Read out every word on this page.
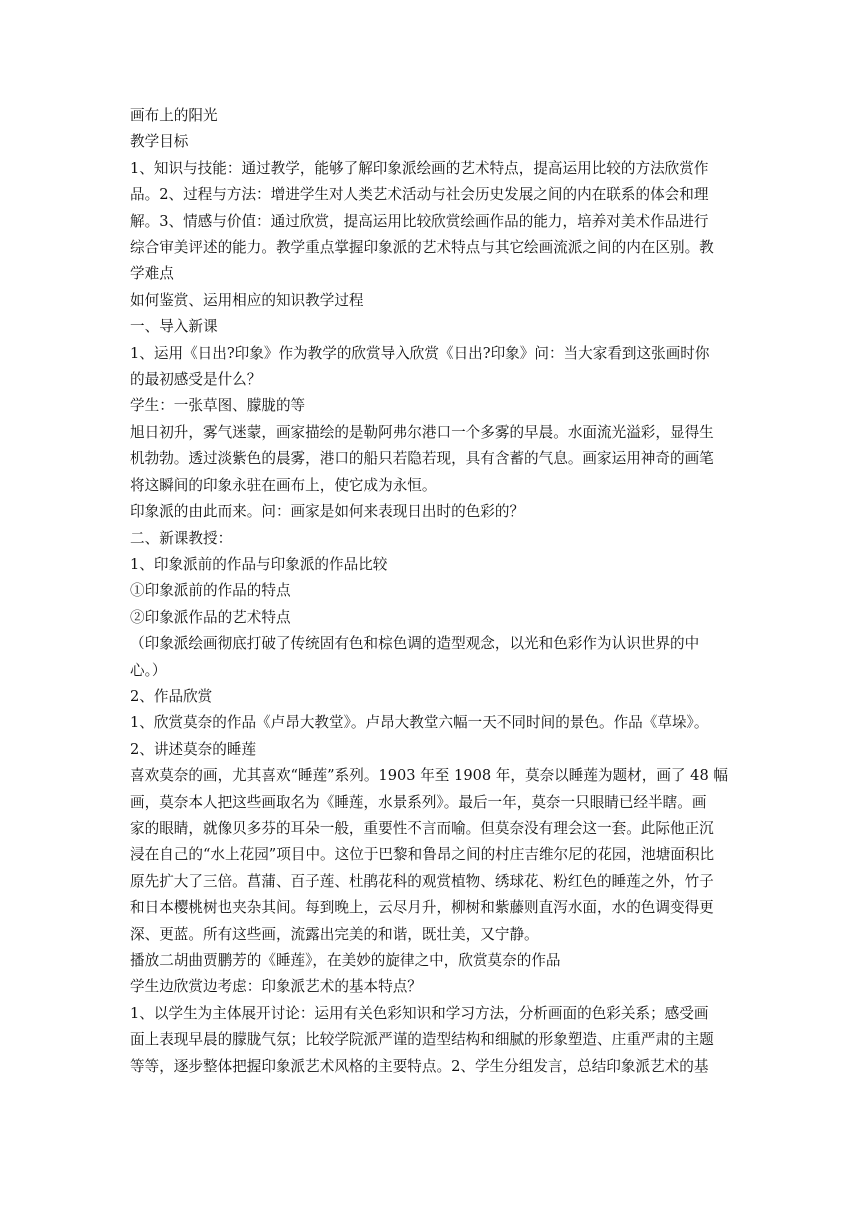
画布上的阳光
教学目标
1、知识与技能：通过教学，能够了解印象派绘画的艺术特点，提高运用比较的方法欣赏作
品。2、过程与方法：增进学生对人类艺术活动与社会历史发展之间的内在联系的体会和理
解。3、情感与价值：通过欣赏，提高运用比较欣赏绘画作品的能力，培养对美术作品进行
综合审美评述的能力。教学重点掌握印象派的艺术特点与其它绘画流派之间的内在区别。教
学难点
如何鉴赏、运用相应的知识教学过程
一、导入新课
1、运用《日出?印象》作为教学的欣赏导入欣赏《日出?印象》问：当大家看到这张画时你
的最初感受是什么？
学生：一张草图、朦胧的等
旭日初升，雾气迷蒙，画家描绘的是勒阿弗尔港口一个多雾的早晨。水面流光溢彩，显得生
机勃勃。透过淡紫色的晨雾，港口的船只若隐若现，具有含蓄的气息。画家运用神奇的画笔
将这瞬间的印象永驻在画布上，使它成为永恒。
印象派的由此而来。问：画家是如何来表现日出时的色彩的？
二、新课教授：
1、印象派前的作品与印象派的作品比较
①印象派前的作品的特点
②印象派作品的艺术特点
（印象派绘画彻底打破了传统固有色和棕色调的造型观念，以光和色彩作为认识世界的中
心。）
2、作品欣赏
1、欣赏莫奈的作品《卢昂大教堂》。卢昂大教堂六幅一天不同时间的景色。作品《草垛》。
2、讲述莫奈的睡莲
喜欢莫奈的画，尤其喜欢“睡莲”系列。1903 年至 1908 年，莫奈以睡莲为题材，画了 48 幅
画，莫奈本人把这些画取名为《睡莲，水景系列》。最后一年，莫奈一只眼睛已经半瞎。画
家的眼睛，就像贝多芬的耳朵一般，重要性不言而喻。但莫奈没有理会这一套。此际他正沉
浸在自己的“水上花园”项目中。这位于巴黎和鲁昂之间的村庄吉维尔尼的花园，池塘面积比
原先扩大了三倍。菖蒲、百子莲、杜鹃花科的观赏植物、绣球花、粉红色的睡莲之外，竹子
和日本樱桃树也夹杂其间。每到晚上，云尽月升，柳树和紫藤则直泻水面，水的色调变得更
深、更蓝。所有这些画，流露出完美的和谐，既壮美，又宁静。
播放二胡曲贾鹏芳的《睡莲》，在美妙的旋律之中，欣赏莫奈的作品
学生边欣赏边考虑：印象派艺术的基本特点？
1、以学生为主体展开讨论：运用有关色彩知识和学习方法，分析画面的色彩关系；感受画
面上表现早晨的朦胧气氛；比较学院派严谨的造型结构和细腻的形象塑造、庄重严肃的主题
等等，逐步整体把握印象派艺术风格的主要特点。2、学生分组发言，总结印象派艺术的基
